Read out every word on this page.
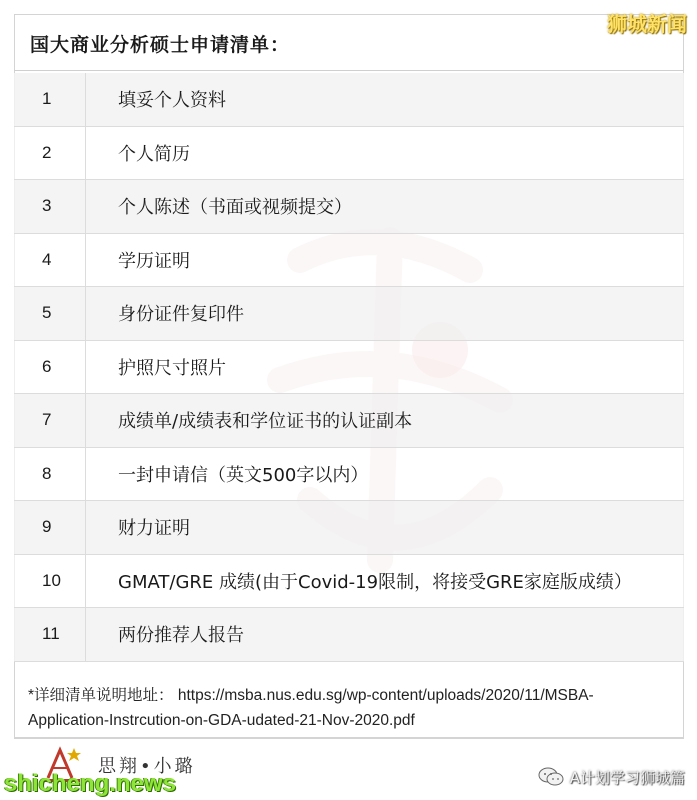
狮城新闻
国大商业分析硕士申请清单：
1	填妥个人资料
2	个人简历
3	个人陈述（书面或视频提交）
4	学历证明
5	身份证件复印件
6	护照尺寸照片
7	成绩单/成绩表和学位证书的认证副本
8	一封申请信（英文500字以内）
9	财力证明
10	GMAT/GRE 成绩(由于Covid-19限制，将接受GRE家庭版成绩）
11	两份推荐人报告
*详细清单说明地址： https://msba.nus.edu.sg/wp-content/uploads/2020/11/MSBA-Application-Instrcution-on-GDA-udated-21-Nov-2020.pdf
思翔•小璐
shicheng.news	A计划学习狮城篇
